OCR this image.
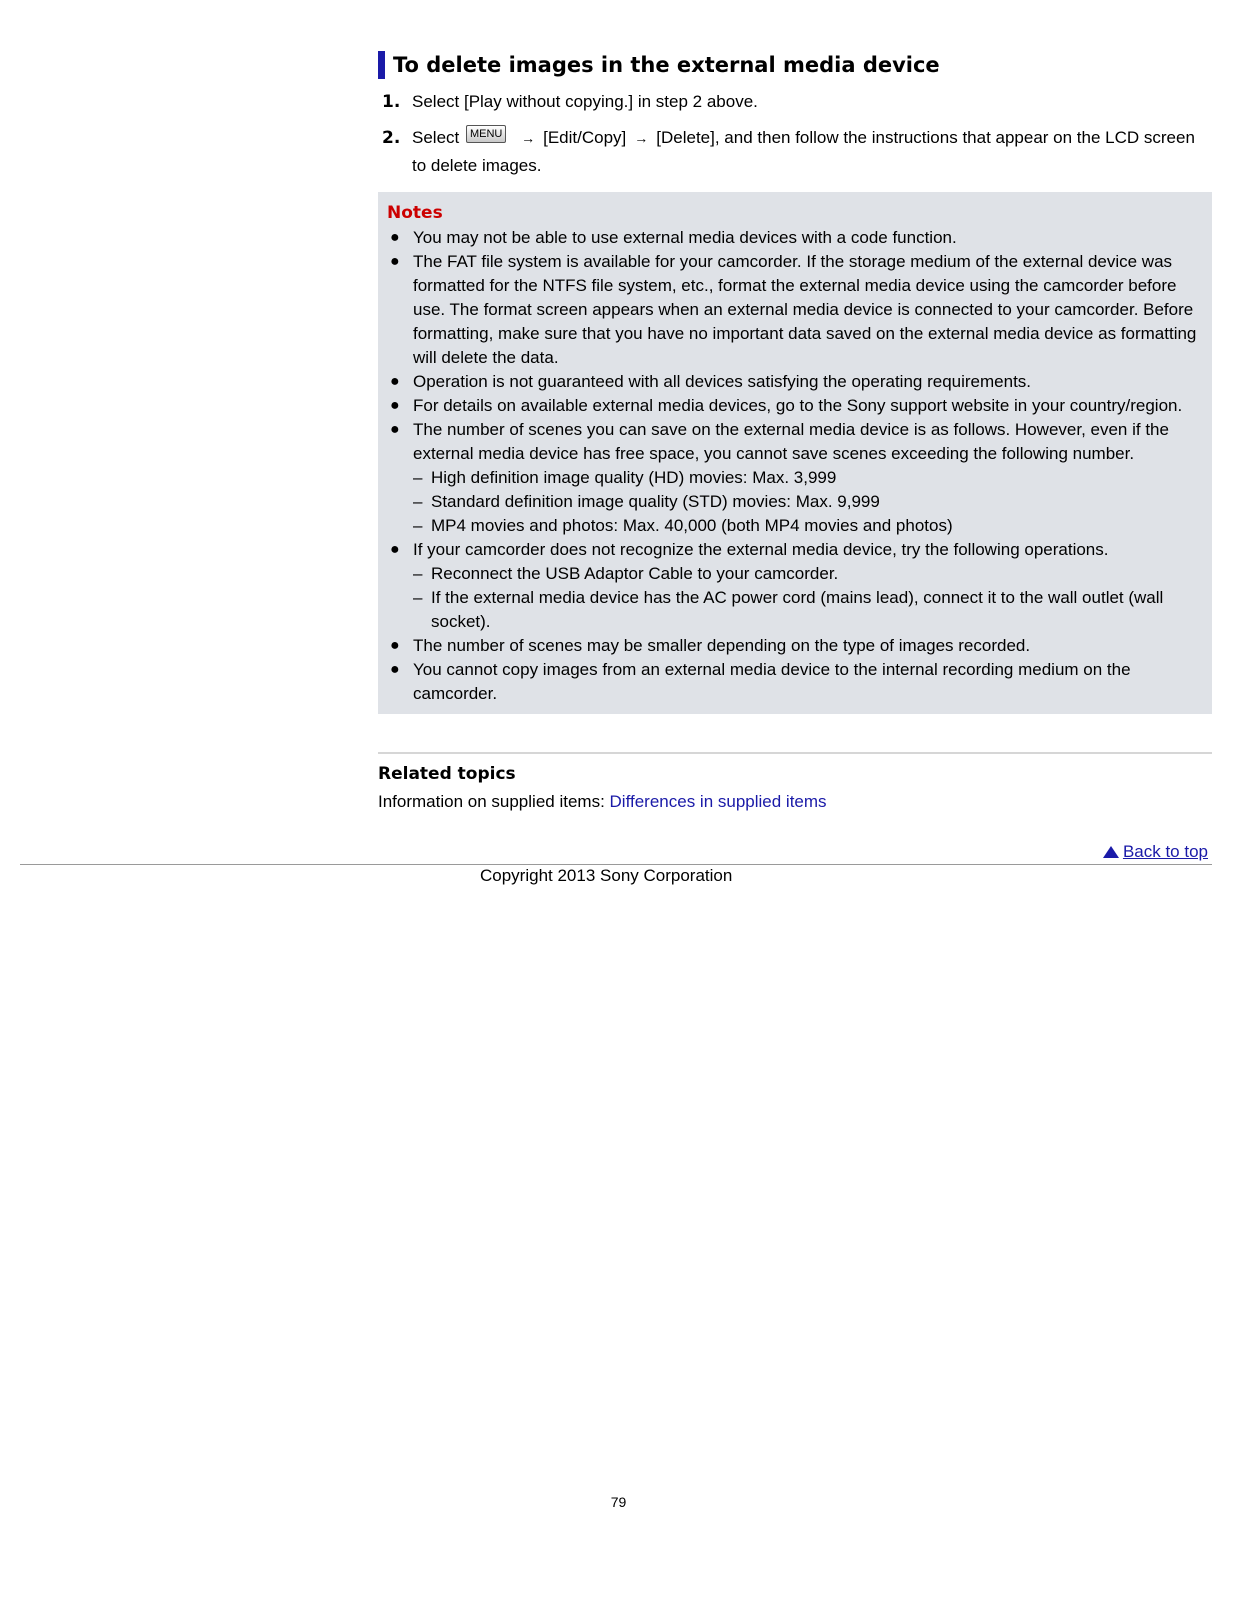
To delete images in the external media device
1. Select [Play without copying.] in step 2 above.
2. Select MENU → [Edit/Copy] → [Delete], and then follow the instructions that appear on the LCD screen to delete images.
Notes
● You may not be able to use external media devices with a code function.
● The FAT file system is available for your camcorder. If the storage medium of the external device was formatted for the NTFS file system, etc., format the external media device using the camcorder before use. The format screen appears when an external media device is connected to your camcorder. Before formatting, make sure that you have no important data saved on the external media device as formatting will delete the data.
● Operation is not guaranteed with all devices satisfying the operating requirements.
● For details on available external media devices, go to the Sony support website in your country/region.
● The number of scenes you can save on the external media device is as follows. However, even if the external media device has free space, you cannot save scenes exceeding the following number.
– High definition image quality (HD) movies: Max. 3,999
– Standard definition image quality (STD) movies: Max. 9,999
– MP4 movies and photos: Max. 40,000 (both MP4 movies and photos)
● If your camcorder does not recognize the external media device, try the following operations.
– Reconnect the USB Adaptor Cable to your camcorder.
– If the external media device has the AC power cord (mains lead), connect it to the wall outlet (wall socket).
● The number of scenes may be smaller depending on the type of images recorded.
● You cannot copy images from an external media device to the internal recording medium on the camcorder.
Related topics
Information on supplied items: Differences in supplied items
Back to top
Copyright 2013 Sony Corporation
79
